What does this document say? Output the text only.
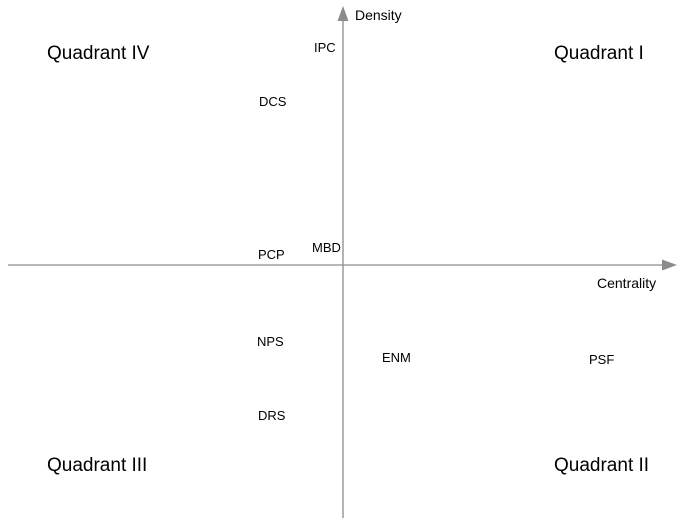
Centrality
Density
Quadrant IV	Quadrant I
Quadrant III	Quadrant II
IPC
DCS
PCP MBD
NPS
ENM	PSF
DRS
